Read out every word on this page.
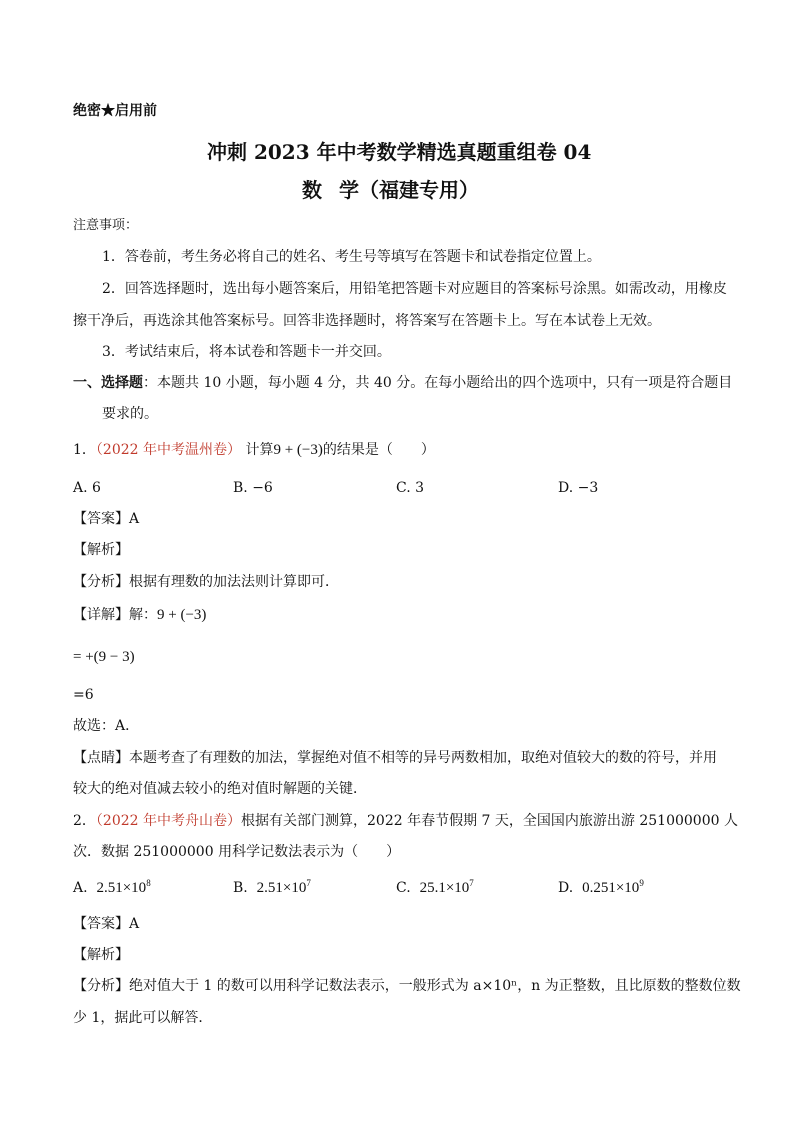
绝密★启用前
冲刺 2023 年中考数学精选真题重组卷 04
数 学（福建专用）
注意事项：
1．答卷前，考生务必将自己的姓名、考生号等填写在答题卡和试卷指定位置上。
2．回答选择题时，选出每小题答案后，用铅笔把答题卡对应题目的答案标号涂黑。如需改动，用橡皮
擦干净后，再选涂其他答案标号。回答非选择题时，将答案写在答题卡上。写在本试卷上无效。
3．考试结束后，将本试卷和答题卡一并交回。
一、选择题：本题共 10 小题，每小题 4 分，共 40 分。在每小题给出的四个选项中，只有一项是符合题目
要求的。
1．（2022 年中考温州卷） 计算9 + (−3)的结果是（　　）
A. 6	B. −6	C. 3	D. −3
【答案】A
【解析】
【分析】根据有理数的加法法则计算即可．
【详解】解：9 + (−3)
= +(9 − 3)
=6
故选：A．
【点睛】本题考查了有理数的加法，掌握绝对值不相等的异号两数相加，取绝对值较大的数的符号，并用
较大的绝对值减去较小的绝对值时解题的关键．
2．（2022 年中考舟山卷）根据有关部门测算，2022 年春节假期 7 天，全国国内旅游出游 251000000 人
次．数据 251000000 用科学记数法表示为（　　）
A. $2.51\times 10^8$	B. $2.51\times 10^7$	C. $25.1\times 10^7$	D. $0.251\times 10^9$
【答案】A
【解析】
【分析】绝对值大于 1 的数可以用科学记数法表示，一般形式为 a×10ⁿ，n 为正整数，且比原数的整数位数
少 1，据此可以解答．
